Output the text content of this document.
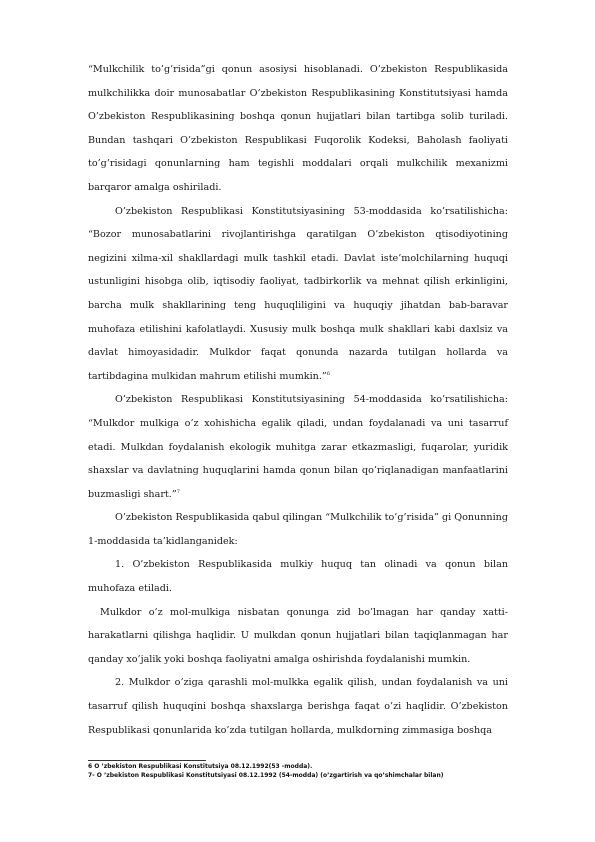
“Mulkchilik to’g’risida”gi qonun asosiysi hisoblanadi. O’zbekiston Respublikasida mulkchilikka doir munosabatlar O’zbekiston Respublikasining Konstitutsiyasi hamda O’zbekiston Respublikasining boshqa qonun hujjatlari bilan tartibga solib turiladi. Bundan tashqari O’zbekiston Respublikasi Fuqorolik Kodeksi, Baholash faoliyati to’g’risidagi qonunlarning ham tegishli moddalari orqali mulkchilik mexanizmi barqaror amalga oshiriladi.

O’zbekiston Respublikasi Konstitutsiyasining 53-moddasida ko’rsatilishicha: “Bozor munosabatlarini rivojlantirishga qaratilgan O’zbekiston qtisodiyotining negizini xilma-xil shakllardagi mulk tashkil etadi. Davlat iste’molchilarning huquqi ustunligini hisobga olib, iqtisodiy faoliyat, tadbirkorlik va mehnat qilish erkinligini, barcha mulk shakllarining teng huquqliligini va huquqiy jihatdan bab-baravar muhofaza etilishini kafolatlaydi. Xususiy mulk boshqa mulk shakllari kabi daxlsiz va davlat himoyasidadir. Mulkdor faqat qonunda nazarda tutilgan hollarda va tartibdagina mulkidan mahrum etilishi mumkin.”$^6$

O’zbekiston Respublikasi Konstitutsiyasining 54-moddasida ko’rsatilishicha: “Mulkdor mulkiga o’z xohishicha egalik qiladi, undan foydalanadi va uni tasarruf etadi. Mulkdan foydalanish ekologik muhitga zarar etkazmasligi, fuqarolar, yuridik shaxslar va davlatning huquqlarini hamda qonun bilan qo’riqlanadigan manfaatlarini buzmasligi shart.”$^7$

O’zbekiston Respublikasida qabul qilingan “Mulkchilik to’g’risida” gi Qonunning 1-moddasida ta’kidlanganidek:

1. O’zbekiston Respublikasida mulkiy huquq tan olinadi va qonun bilan muhofaza etiladi.

Mulkdor o’z mol-mulkiga nisbatan qonunga zid bo’lmagan har qanday xatti-harakatlarni qilishga haqlidir. U mulkdan qonun hujjatlari bilan taqiqlanmagan har qanday xo’jalik yoki boshqa faoliyatni amalga oshirishda foydalanishi mumkin.

2. Mulkdor o’ziga qarashli mol-mulkka egalik qilish, undan foydalanish va uni tasarruf qilish huquqini boshqa shaxslarga berishga faqat o’zi haqlidir. O’zbekiston Respublikasi qonunlarida ko’zda tutilgan hollarda, mulkdorning zimmasiga boshqa

6 O ’zbekiston Respublikasi Konstitutsiya 08.12.1992(53 -modda).
7- O ’zbekiston Respublikasi Konstitutsiyasi 08.12.1992 (54-modda) (o’zgartirish va qo’shimchalar bilan)
